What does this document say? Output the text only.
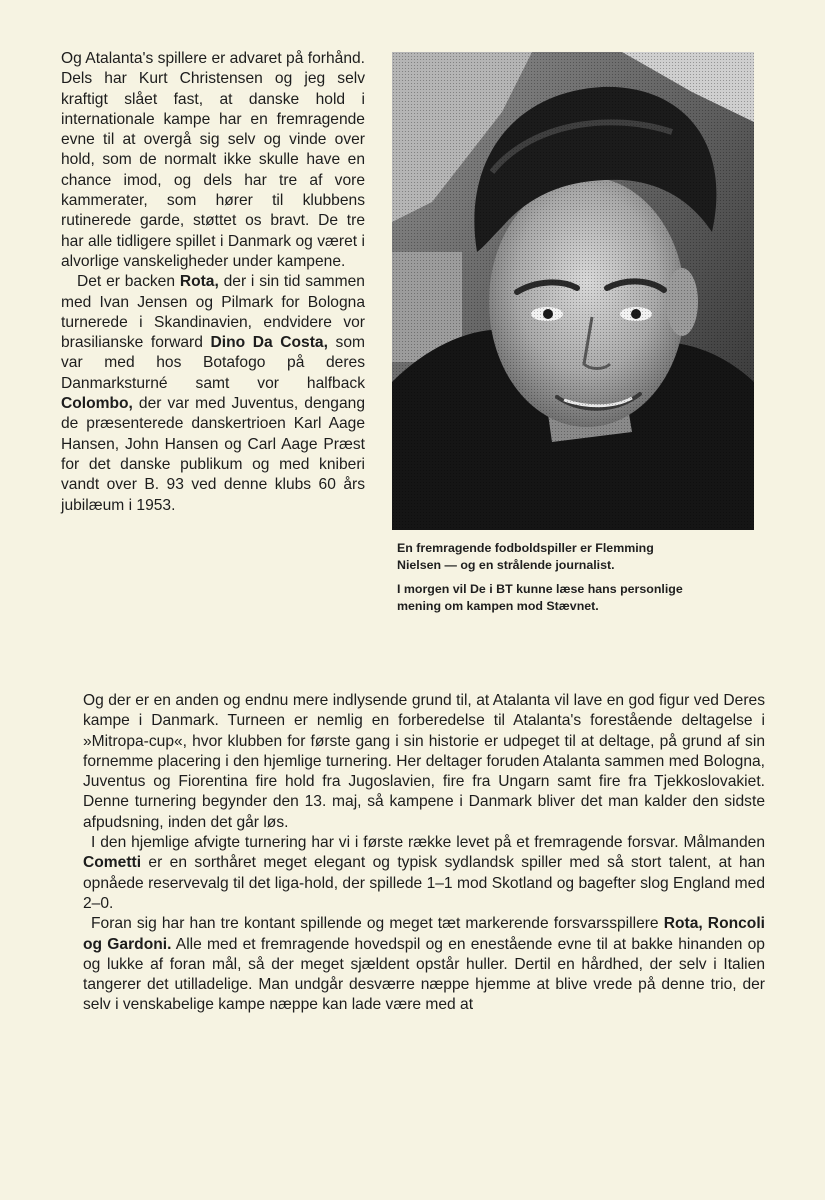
Og Atalanta's spillere er advaret på forhånd. Dels har Kurt Christensen og jeg selv kraftigt slået fast, at danske hold i internationale kampe har en fremragende evne til at overgå sig selv og vinde over hold, som de normalt ikke skulle have en chance imod, og dels har tre af vore kammerater, som hører til klubbens rutinerede garde, støttet os bravt. De tre har alle tidligere spillet i Danmark og været i alvorlige vanskeligheder under kampene.

Det er backen Rota, der i sin tid sammen med Ivan Jensen og Pilmark for Bologna turnerede i Skandinavien, endvidere vor brasilianske forward Dino Da Costa, som var med hos Botafogo på deres Danmarksturné samt vor halfback Colombo, der var med Juventus, dengang de præsenterede danskertrioen Karl Aage Hansen, John Hansen og Carl Aage Præst for det danske publikum og med kniberi vandt over B. 93 ved denne klubs 60 års jubilæum i 1953.

En fremragende fodboldspiller er Flemming Nielsen — og en strålende journalist.

I morgen vil De i BT kunne læse hans personlige mening om kampen mod Stævnet.

Og der er en anden og endnu mere indlysende grund til, at Atalanta vil lave en god figur ved Deres kampe i Danmark. Turneen er nemlig en forberedelse til Atalanta's forestående deltagelse i »Mitropa-cup«, hvor klubben for første gang i sin historie er udpeget til at deltage, på grund af sin fornemme placering i den hjemlige turnering. Her deltager foruden Atalanta sammen med Bologna, Juventus og Fiorentina fire hold fra Jugoslavien, fire fra Ungarn samt fire fra Tjekkoslovakiet. Denne turnering begynder den 13. maj, så kampene i Danmark bliver det man kalder den sidste afpudsning, inden det går løs.

I den hjemlige afvigte turnering har vi i første række levet på et fremragende forsvar. Målmanden Cometti er en sorthåret meget elegant og typisk sydlandsk spiller med så stort talent, at han opnåede reservevalg til det liga-hold, der spillede 1–1 mod Skotland og bagefter slog England med 2–0.

Foran sig har han tre kontant spillende og meget tæt markerende forsvarsspillere Rota, Roncoli og Gardoni. Alle med et fremragende hovedspil og en enestående evne til at bakke hinanden op og lukke af foran mål, så der meget sjældent opstår huller. Dertil en hårdhed, der selv i Italien tangerer det utilladelige. Man undgår desværre næppe hjemme at blive vrede på denne trio, der selv i venskabelige kampe næppe kan lade være med at
